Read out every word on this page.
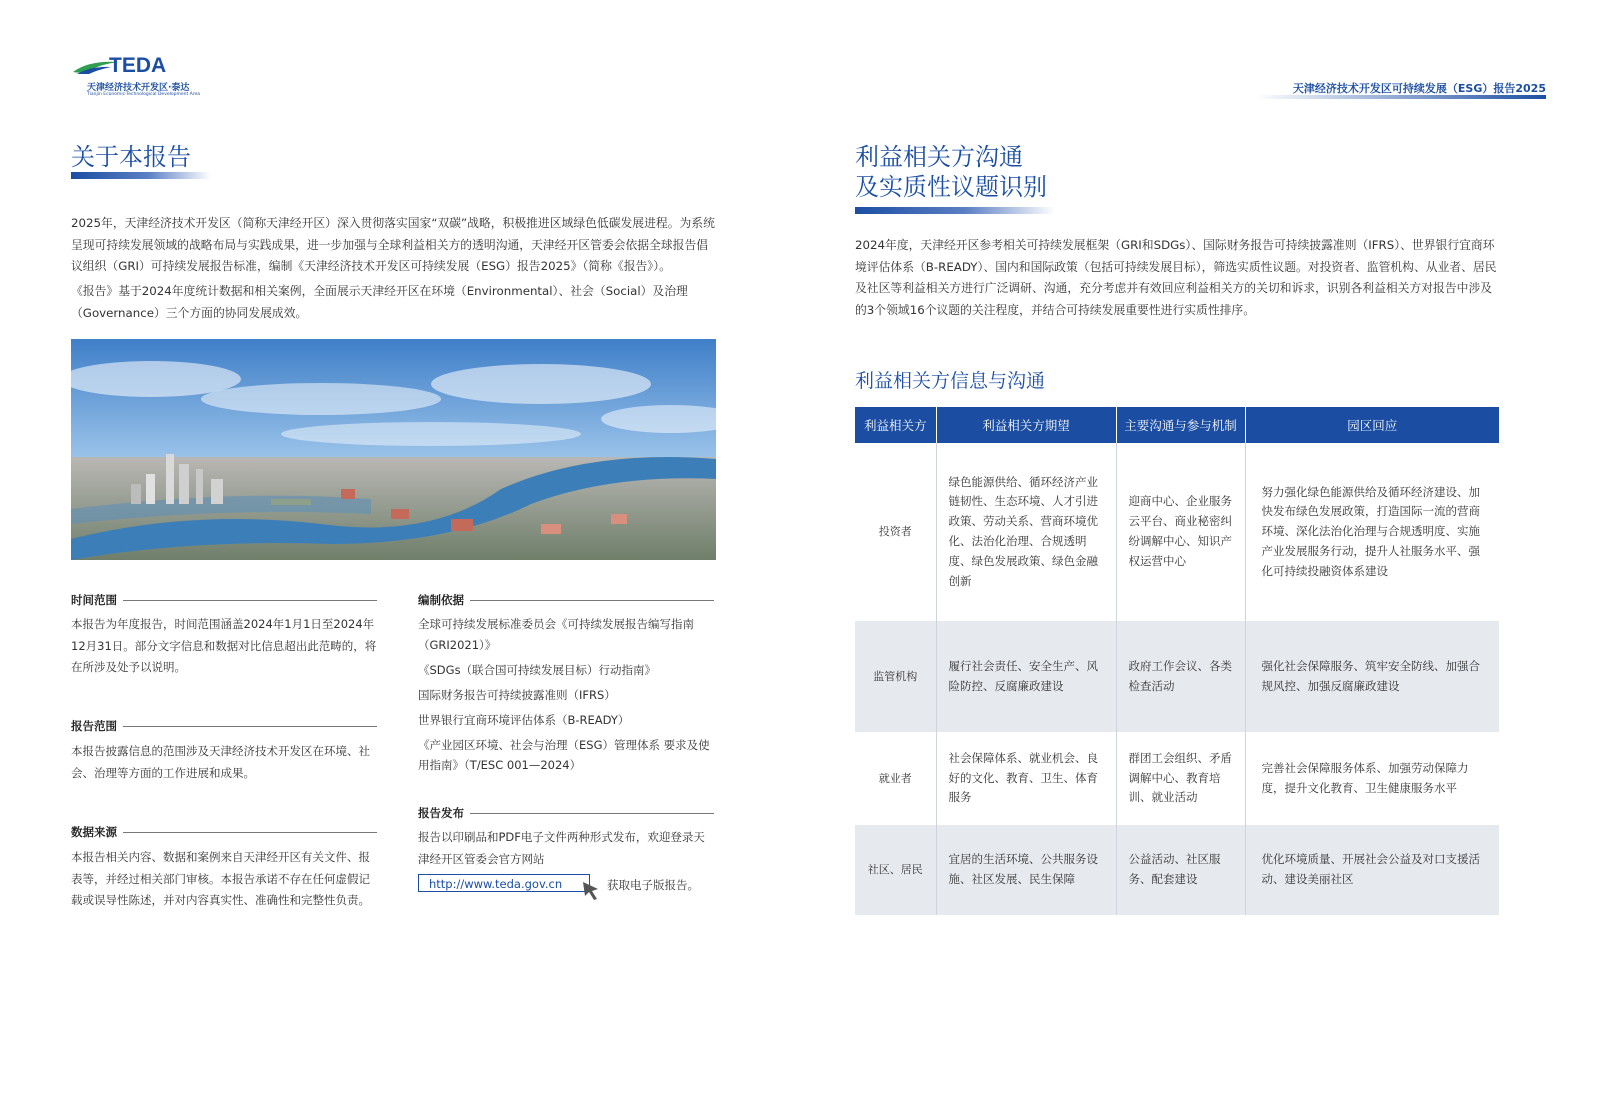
TEDA
天津经济技术开发区·泰达
Tianjin Economic-Technological Development Area	天津经济技术开发区可持续发展（ESG）报告2025
关于本报告
2025年，天津经济技术开发区（简称天津经开区）深入贯彻落实国家“双碳”战略，积极推进区域绿色低碳发展进程。为系统呈现可持续发展领域的战略布局与实践成果，进一步加强与全球利益相关方的透明沟通，天津经开区管委会依据全球报告倡议组织（GRI）可持续发展报告标准，编制《天津经济技术开发区可持续发展（ESG）报告2025》（简称《报告》）。
《报告》基于2024年度统计数据和相关案例，全面展示天津经开区在环境（Environmental）、社会（Social）及治理（Governance）三个方面的协同发展成效。
时间范围
本报告为年度报告，时间范围涵盖2024年1月1日至2024年12月31日。部分文字信息和数据对比信息超出此范畴的，将在所涉及处予以说明。
报告范围
本报告披露信息的范围涉及天津经济技术开发区在环境、社会、治理等方面的工作进展和成果。
数据来源
本报告相关内容、数据和案例来自天津经开区有关文件、报表等，并经过相关部门审核。本报告承诺不存在任何虚假记载或误导性陈述，并对内容真实性、准确性和完整性负责。
编制依据
全球可持续发展标准委员会《可持续发展报告编写指南（GRI2021）》
《SDGs（联合国可持续发展目标）行动指南》
国际财务报告可持续披露准则（IFRS）
世界银行宜商环境评估体系（B-READY）
《产业园区环境、社会与治理（ESG）管理体系 要求及使用指南》（T/ESC 001—2024）
报告发布
报告以印刷品和PDF电子文件两种形式发布，欢迎登录天津经开区管委会官方网站
http://www.teda.gov.cn	获取电子版报告。
利益相关方沟通
及实质性议题识别
2024年度，天津经开区参考相关可持续发展框架（GRI和SDGs）、国际财务报告可持续披露准则（IFRS）、世界银行宜商环境评估体系（B-READY）、国内和国际政策（包括可持续发展目标），筛选实质性议题。对投资者、监管机构、从业者、居民及社区等利益相关方进行广泛调研、沟通，充分考虑并有效回应利益相关方的关切和诉求，识别各利益相关方对报告中涉及的3个领域16个议题的关注程度，并结合可持续发展重要性进行实质性排序。
利益相关方信息与沟通
利益相关方	利益相关方期望	主要沟通与参与机制	园区回应
投资者	绿色能源供给、循环经济产业链韧性、生态环境、人才引进政策、劳动关系、营商环境优化、法治化治理、合规透明度、绿色发展政策、绿色金融创新	迎商中心、企业服务云平台、商业秘密纠纷调解中心、知识产权运营中心	努力强化绿色能源供给及循环经济建设、加快发布绿色发展政策，打造国际一流的营商环境、深化法治化治理与合规透明度、实施产业发展服务行动，提升人社服务水平、强化可持续投融资体系建设
监管机构	履行社会责任、安全生产、风险防控、反腐廉政建设	政府工作会议、各类检查活动	强化社会保障服务、筑牢安全防线、加强合规风控、加强反腐廉政建设
就业者	社会保障体系、就业机会、良好的文化、教育、卫生、体育服务	群团工会组织、矛盾调解中心、教育培训、就业活动	完善社会保障服务体系、加强劳动保障力度，提升文化教育、卫生健康服务水平
社区、居民	宜居的生活环境、公共服务设施、社区发展、民生保障	公益活动、社区服务、配套建设	优化环境质量、开展社会公益及对口支援活动、建设美丽社区
